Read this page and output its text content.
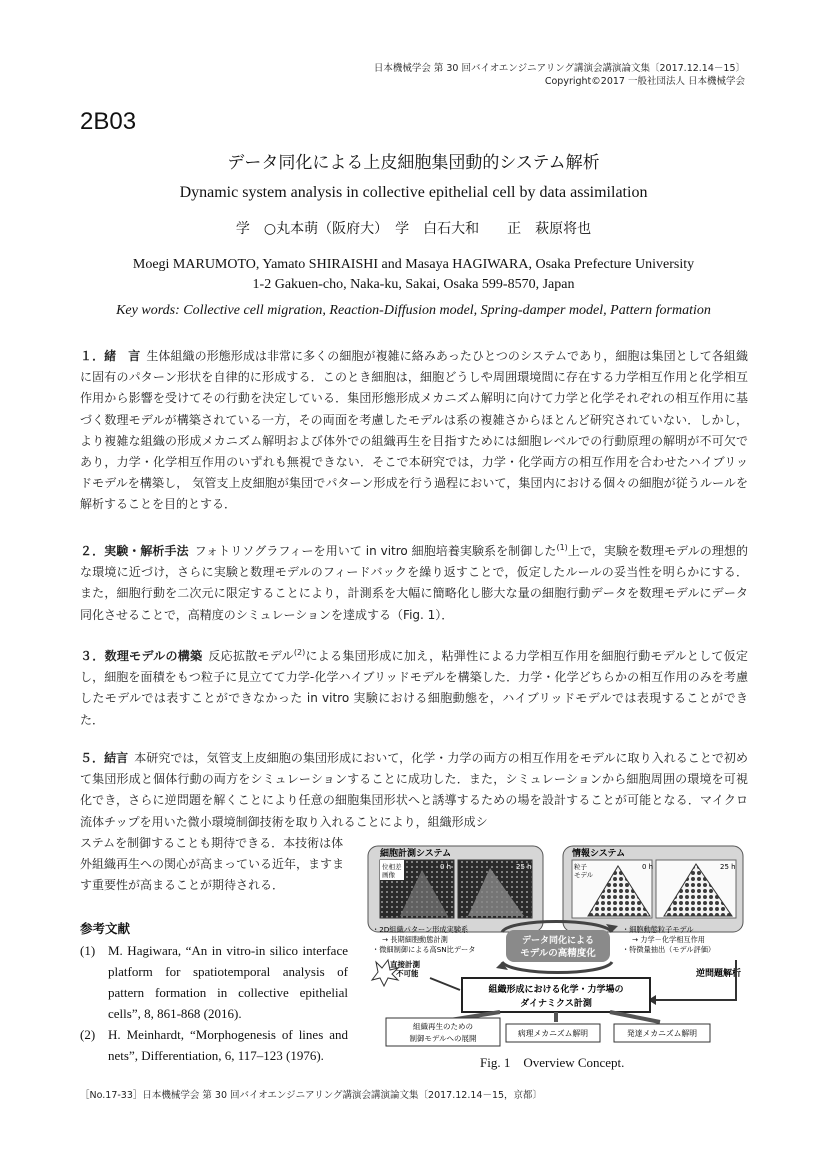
日本機械学会 第 30 回バイオエンジニアリング講演会講演論文集〔2017.12.14－15〕
Copyright©2017 一般社団法人 日本機械学会
2B03
データ同化による上皮細胞集団動的システム解析
Dynamic system analysis in collective epithelial cell by data assimilation
学　○丸本萌（阪府大）　学　白石大和　　正　萩原将也
Moegi MARUMOTO, Yamato SHIRAISHI and Masaya HAGIWARA, Osaka Prefecture University
1-2 Gakuen-cho, Naka-ku, Sakai, Osaka 599-8570, Japan
Key words: Collective cell migration, Reaction-Diffusion model, Spring-damper model, Pattern formation
１．緒　言 生体組織の形態形成は非常に多くの細胞が複雑に絡みあったひとつのシステムであり，細胞は集団として各組織に固有のパターン形状を自律的に形成する．このとき細胞は，細胞どうしや周囲環境間に存在する力学相互作用と化学相互作用から影響を受けてその行動を決定している．集団形態形成メカニズム解明に向けて力学と化学それぞれの相互作用に基づく数理モデルが構築されている一方，その両面を考慮したモデルは系の複雑さからほとんど研究されていない．しかし，より複雑な組織の形成メカニズム解明および体外での組織再生を目指すためには細胞レベルでの行動原理の解明が不可欠であり，力学・化学相互作用のいずれも無視できない．そこで本研究では，力学・化学両方の相互作用を合わせたハイブリッドモデルを構築し， 気管支上皮細胞が集団でパターン形成を行う過程において，集団内における個々の細胞が従うルールを解析することを目的とする．
２．実験・解析手法 フォトリソグラフィーを用いて in vitro 細胞培養実験系を制御した$^{(1)}$上で，実験を数理モデルの理想的な環境に近づけ，さらに実験と数理モデルのフィードバックを繰り返すことで，仮定したルールの妥当性を明らかにする．また，細胞行動を二次元に限定することにより，計測系を大幅に簡略化し膨大な量の細胞行動データを数理モデルにデータ同化させることで，高精度のシミュレーションを達成する（Fig. 1）．
３．数理モデルの構築 反応拡散モデル$^{(2)}$による集団形成に加え，粘弾性による力学相互作用を細胞行動モデルとして仮定し，細胞を面積をもつ粒子に見立てて力学-化学ハイブリッドモデルを構築した．力学・化学どちらかの相互作用のみを考慮したモデルでは表すことができなかった in vitro 実験における細胞動態を，ハイブリッドモデルでは表現することができた．
５．結言 本研究では，気管支上皮細胞の集団形成において，化学・力学の両方の相互作用をモデルに取り入れることで初めて集団形成と個体行動の両方をシミュレーションすることに成功した．また，シミュレーションから細胞周囲の環境を可視化でき，さらに逆問題を解くことにより任意の細胞集団形状へと誘導するための場を設計することが可能となる．マイクロ流体チップを用いた微小環境制御技術を取り入れることにより，組織形成シ
ステムを制御することも期待できる．本技術は体外組織再生への関心が高まっている近年，ますます重要性が高まることが期待される．
参考文献
(1) M. Hagiwara, “An in vitro-in silico interface platform for spatiotemporal analysis of pattern formation in collective epithelial cells”, 8, 861-868 (2016).
(2) H. Meinhardt, “Morphogenesis of lines and nets”, Differentiation, 6, 117–123 (1976).
細胞計測システム
位相差
画像
0 h	25 h
情報システム
粒子
モデル
0 h	25 h
・2D組織パターン形成実験系
→ 長期細胞動態計測
・微細制御による高SN比データ
・細胞動態粒子モデル
→ 力学－化学相互作用
・特徴量抽出（モデル評価）
データ同化による
モデルの高精度化
直接計測
不可能	逆問題解析
組織形成における化学・力学場の
ダイナミクス計測
組織再生のための
制御モデルへの展開
病理メカニズム解明	発達メカニズム解明
Fig. 1　Overview Concept.
［No.17-33］日本機械学会 第 30 回バイオエンジニアリング講演会講演論文集〔2017.12.14－15，京都〕
